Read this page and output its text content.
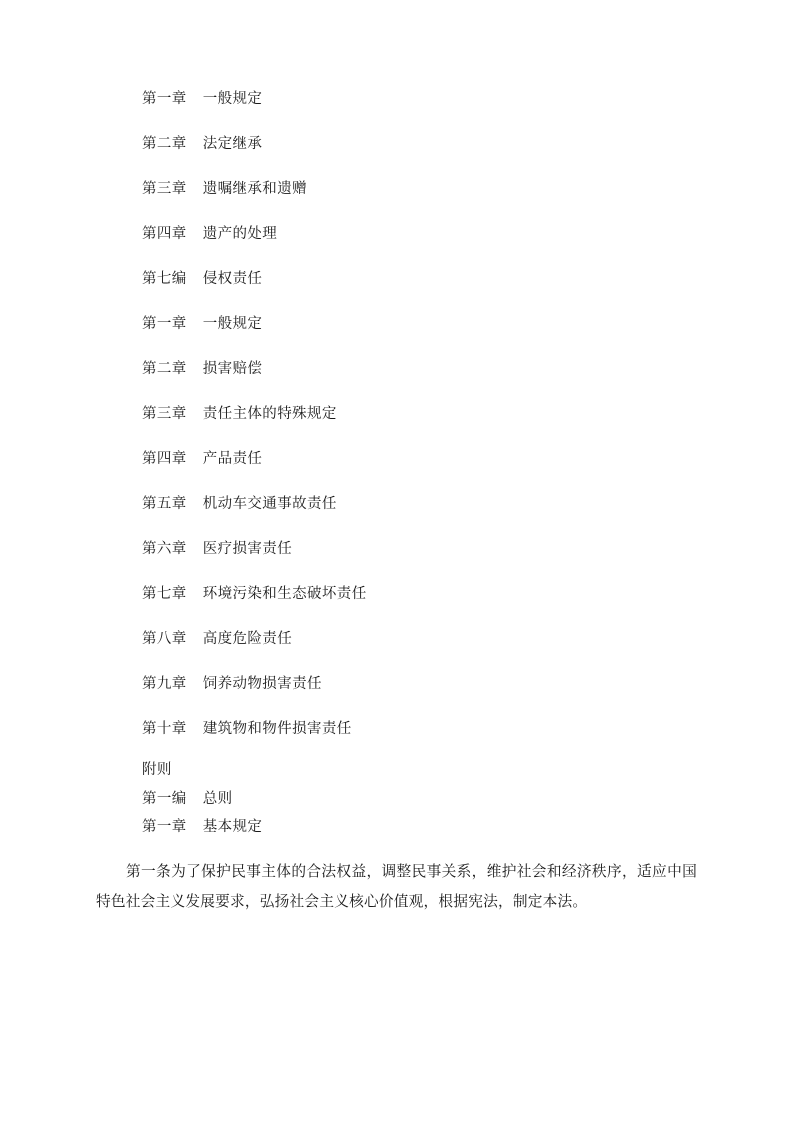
第一章 一般规定
第二章 法定继承
第三章 遗嘱继承和遗赠
第四章 遗产的处理
第七编 侵权责任
第一章 一般规定
第二章 损害赔偿
第三章 责任主体的特殊规定
第四章 产品责任
第五章 机动车交通事故责任
第六章 医疗损害责任
第七章 环境污染和生态破坏责任
第八章 高度危险责任
第九章 饲养动物损害责任
第十章 建筑物和物件损害责任
附则
第一编 总则
第一章 基本规定

第一条为了保护民事主体的合法权益，调整民事关系，维护社会和经济秩序，适应中国特色社会主义发展要求，弘扬社会主义核心价值观，根据宪法，制定本法。
